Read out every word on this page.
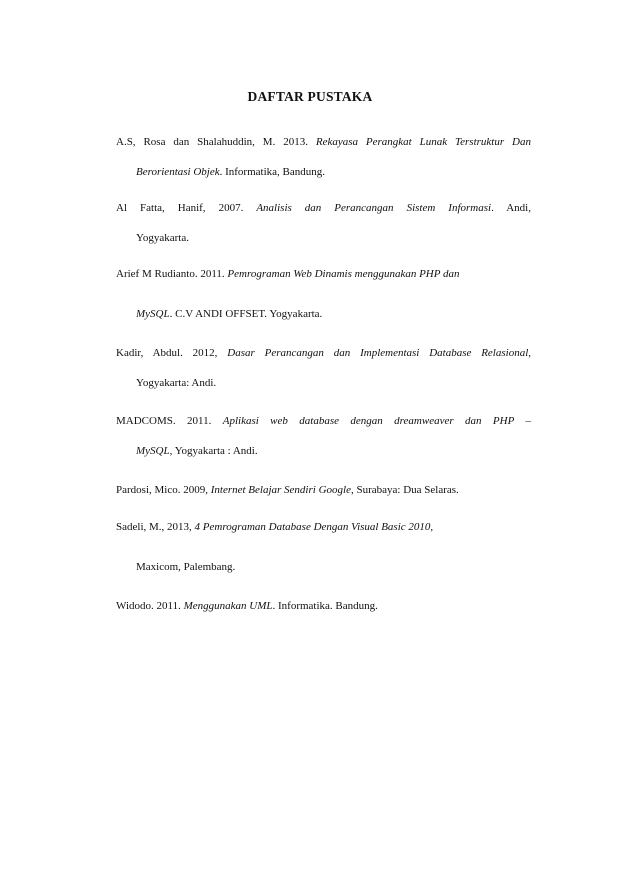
DAFTAR PUSTAKA
A.S, Rosa dan Shalahuddin, M. 2013. Rekayasa Perangkat Lunak Terstruktur Dan
Berorientasi Objek. Informatika, Bandung.
Al Fatta, Hanif, 2007. Analisis dan Perancangan Sistem Informasi. Andi,
Yogyakarta.
Arief M Rudianto. 2011. Pemrograman Web Dinamis menggunakan PHP dan
MySQL. C.V ANDI OFFSET. Yogyakarta.
Kadir, Abdul. 2012, Dasar Perancangan dan Implementasi Database Relasional,
Yogyakarta: Andi.
MADCOMS. 2011. Aplikasi web database dengan dreamweaver dan PHP –
MySQL, Yogyakarta : Andi.
Pardosi, Mico. 2009, Internet Belajar Sendiri Google, Surabaya: Dua Selaras.
Sadeli, M., 2013, 4 Pemrograman Database Dengan Visual Basic 2010,
Maxicom, Palembang.
Widodo. 2011. Menggunakan UML. Informatika. Bandung.
